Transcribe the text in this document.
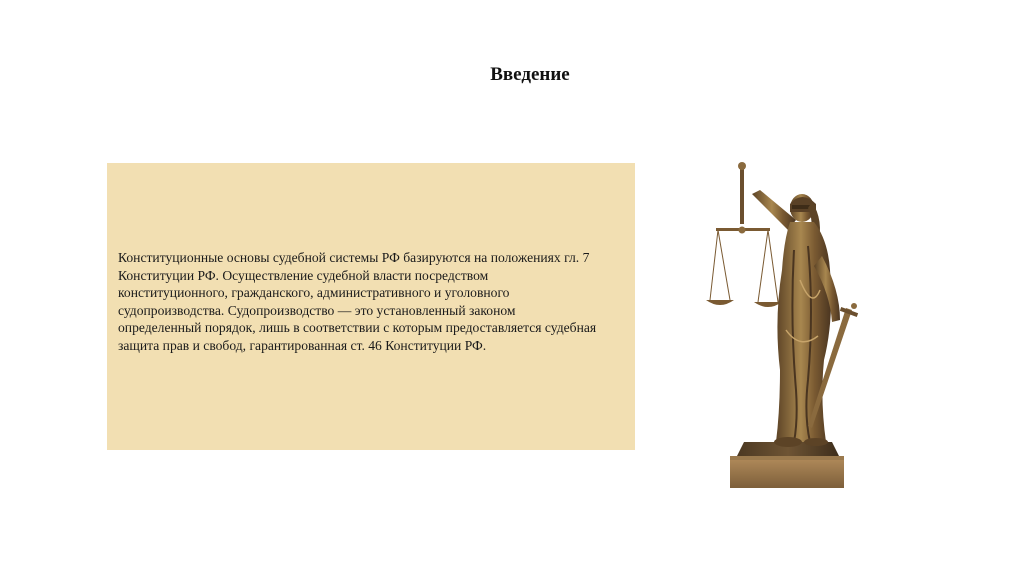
Введение

Конституционные основы судебной системы РФ базируются на положениях гл. 7 Конституции РФ. Осуществление судебной власти посредством конституционного, гражданского, административного и уголовного судопроизводства. Судопроизводство — это установленный законом определенный порядок, лишь в соответствии с которым предоставляется судебная защита прав и свобод, гарантированная ст. 46 Конституции РФ.
